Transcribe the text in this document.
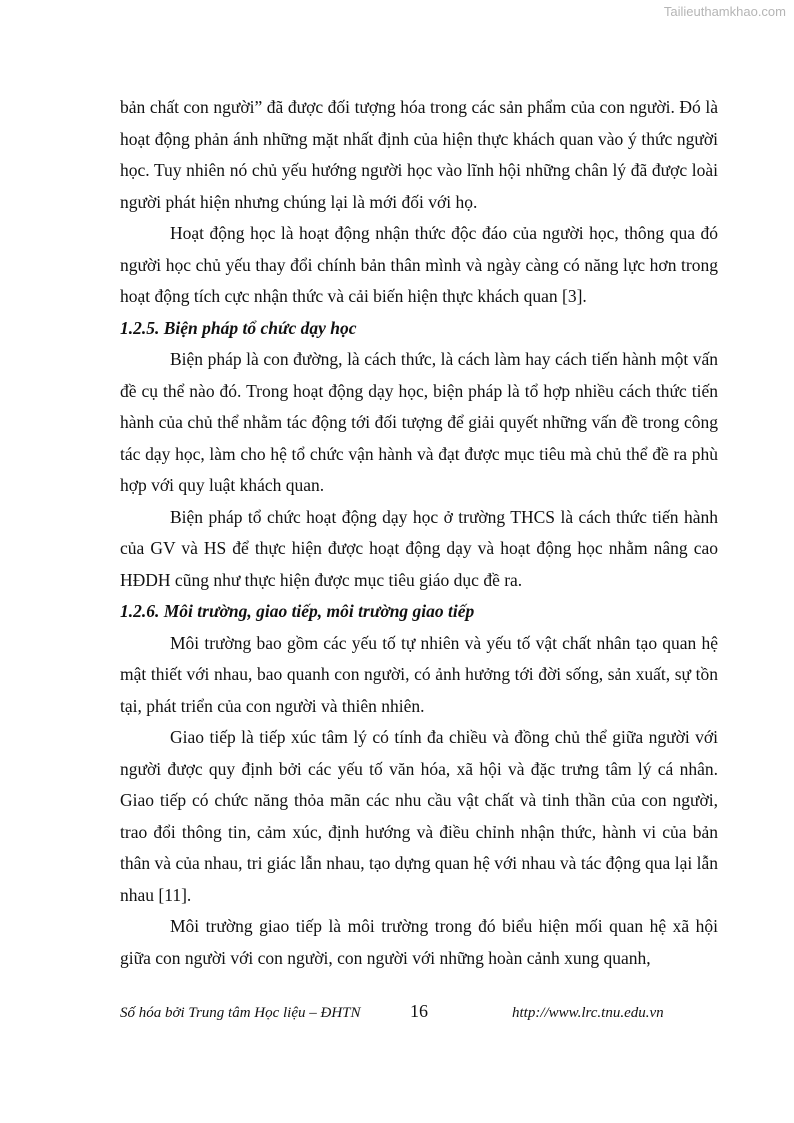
Tailieuthamkhao.com

bản chất con người” đã được đối tượng hóa trong các sản phẩm của con người. Đó là hoạt động phản ánh những mặt nhất định của hiện thực khách quan vào ý thức người học. Tuy nhiên nó chủ yếu hướng người học vào lĩnh hội những chân lý đã được loài người phát hiện nhưng chúng lại là mới đối với họ.

Hoạt động học là hoạt động nhận thức độc đáo của người học, thông qua đó người học chủ yếu thay đổi chính bản thân mình và ngày càng có năng lực hơn trong hoạt động tích cực nhận thức và cải biến hiện thực khách quan [3].

1.2.5. Biện pháp tổ chức dạy học

Biện pháp là con đường, là cách thức, là cách làm hay cách tiến hành một vấn đề cụ thể nào đó. Trong hoạt động dạy học, biện pháp là tổ hợp nhiều cách thức tiến hành của chủ thể nhằm tác động tới đối tượng để giải quyết những vấn đề trong công tác dạy học, làm cho hệ tổ chức vận hành và đạt được mục tiêu mà chủ thể đề ra phù hợp với quy luật khách quan.

Biện pháp tổ chức hoạt động dạy học ở trường THCS là cách thức tiến hành của GV và HS để thực hiện được hoạt động dạy và hoạt động học nhằm nâng cao HĐDH cũng như thực hiện được mục tiêu giáo dục đề ra.

1.2.6. Môi trường, giao tiếp, môi trường giao tiếp

Môi trường bao gồm các yếu tố tự nhiên và yếu tố vật chất nhân tạo quan hệ mật thiết với nhau, bao quanh con người, có ảnh hưởng tới đời sống, sản xuất, sự tồn tại, phát triển của con người và thiên nhiên.

Giao tiếp là tiếp xúc tâm lý có tính đa chiều và đồng chủ thể giữa người với người được quy định bởi các yếu tố văn hóa, xã hội và đặc trưng tâm lý cá nhân. Giao tiếp có chức năng thỏa mãn các nhu cầu vật chất và tinh thần của con người, trao đổi thông tin, cảm xúc, định hướng và điều chỉnh nhận thức, hành vi của bản thân và của nhau, tri giác lẫn nhau, tạo dựng quan hệ với nhau và tác động qua lại lẫn nhau [11].

Môi trường giao tiếp là môi trường trong đó biểu hiện mối quan hệ xã hội giữa con người với con người, con người với những hoàn cảnh xung quanh,

Số hóa bởi Trung tâm Học liệu – ĐHTN	16	http://www.lrc.tnu.edu.vn
